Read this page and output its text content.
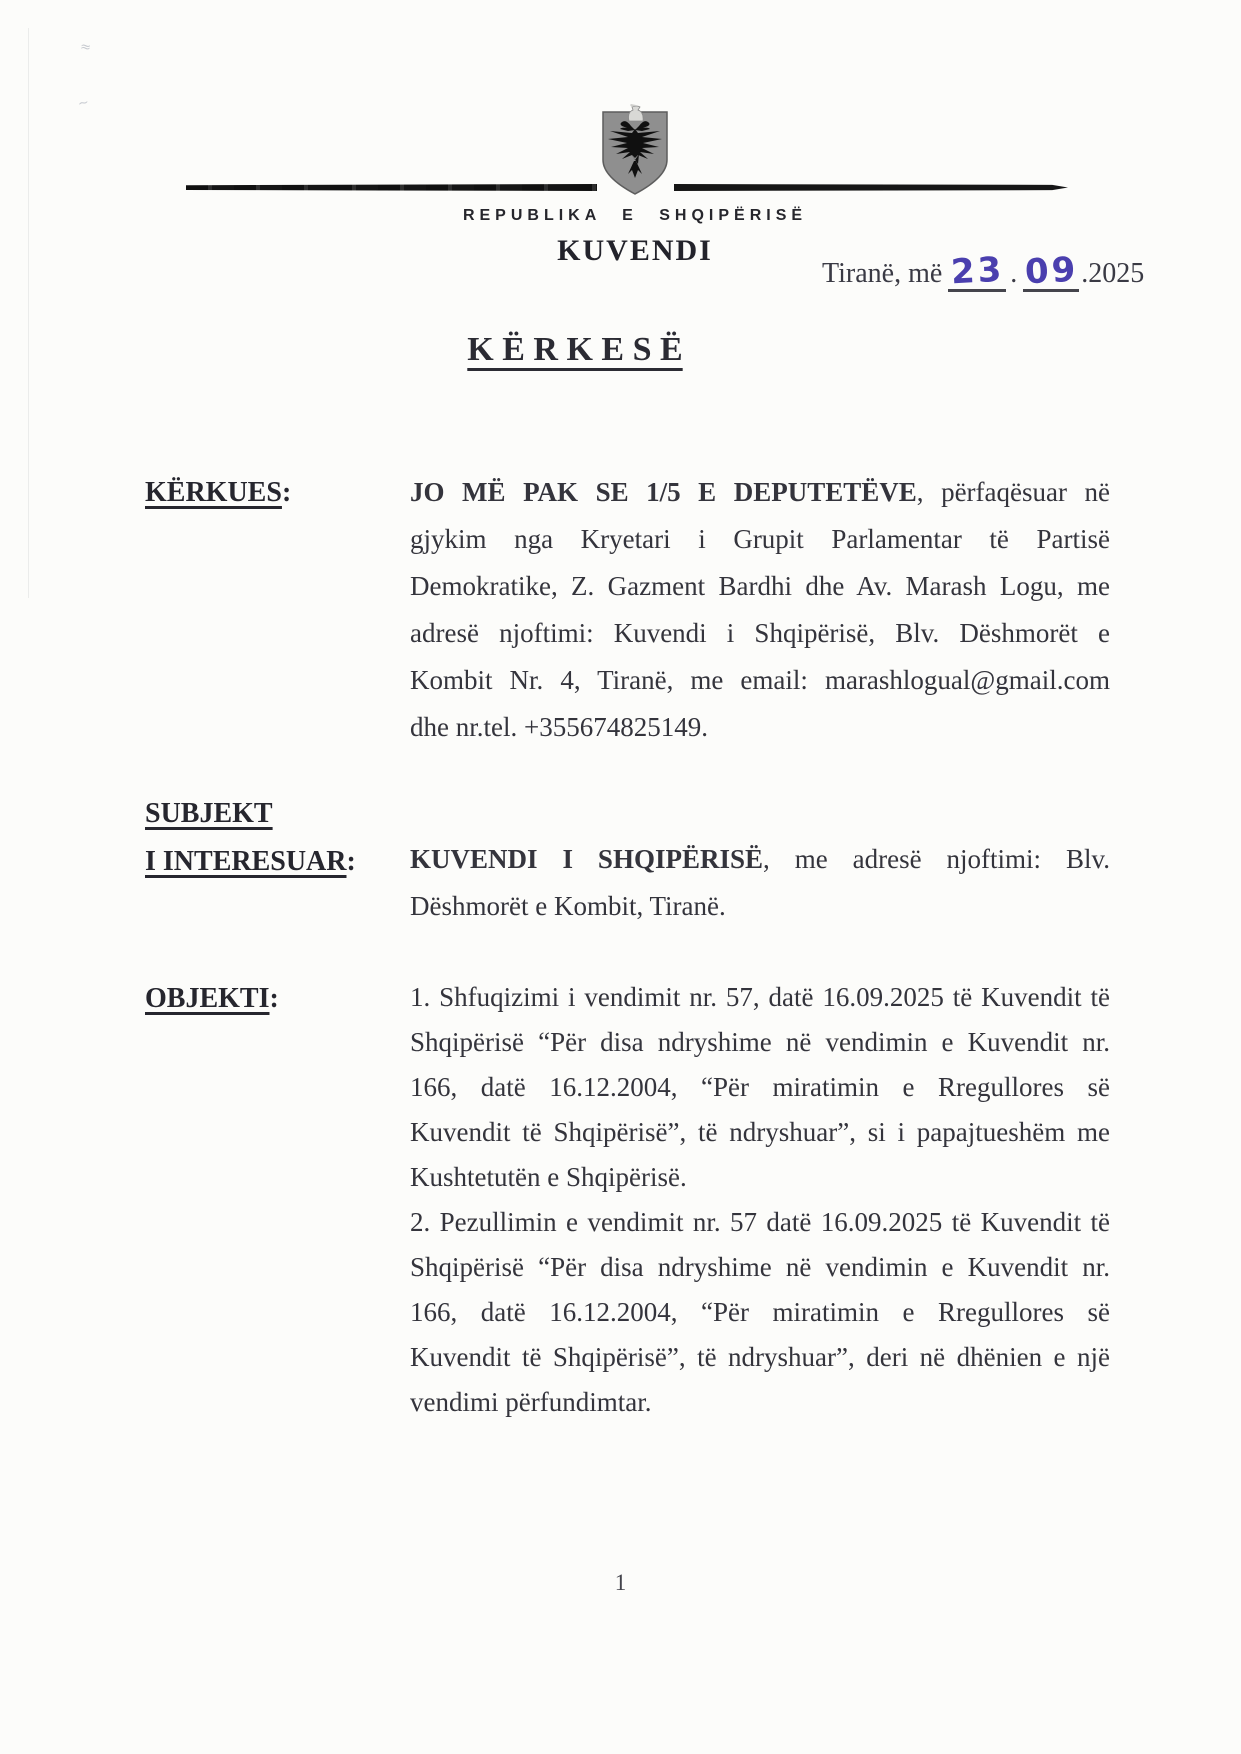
≈
~
REPUBLIKA E SHQIPËRISË
KUVENDI
Tiranë, më 23 . 09.2025
K Ë R K E S Ë
KËRKUES:
SUBJEKT
I INTERESUAR:
OBJEKTI:
JO MË PAK SE 1/5 E DEPUTETËVE, përfaqësuar në
gjykim nga Kryetari i Grupit Parlamentar të Partisë
Demokratike, Z. Gazment Bardhi dhe Av. Marash Logu, me
adresë njoftimi: Kuvendi i Shqipërisë, Blv. Dëshmorët e
Kombit Nr. 4, Tiranë, me email: marashlogual@gmail.com
dhe nr.tel. +355674825149.
KUVENDI I SHQIPËRISË, me adresë njoftimi: Blv.
Dëshmorët e Kombit, Tiranë.
1. Shfuqizimi i vendimit nr. 57, datë 16.09.2025 të Kuvendit të
Shqipërisë “Për disa ndryshime në vendimin e Kuvendit nr.
166, datë 16.12.2004, “Për miratimin e Rregullores së
Kuvendit të Shqipërisë”, të ndryshuar”, si i papajtueshëm me
Kushtetutën e Shqipërisë.
2. Pezullimin e vendimit nr. 57 datë 16.09.2025 të Kuvendit të
Shqipërisë “Për disa ndryshime në vendimin e Kuvendit nr.
166, datë 16.12.2004, “Për miratimin e Rregullores së
Kuvendit të Shqipërisë”, të ndryshuar”, deri në dhënien e një
vendimi përfundimtar.
1
